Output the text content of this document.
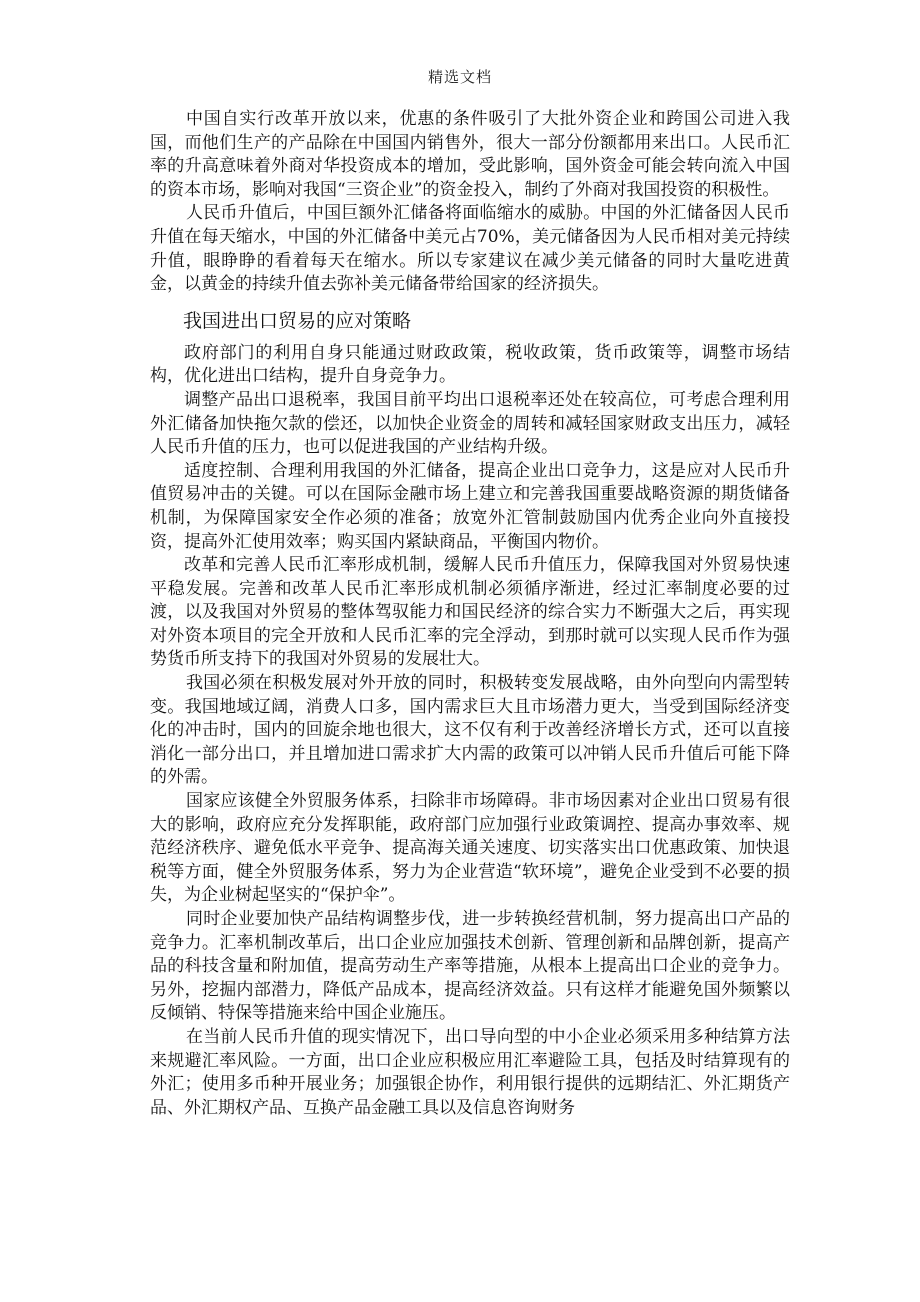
精选文档

中国自实行改革开放以来，优惠的条件吸引了大批外资企业和跨国公司进入我国，而他们生产的产品除在中国国内销售外，很大一部分份额都用来出口。人民币汇率的升高意味着外商对华投资成本的增加，受此影响，国外资金可能会转向流入中国的资本市场，影响对我国“三资企业”的资金投入，制约了外商对我国投资的积极性。

人民币升值后，中国巨额外汇储备将面临缩水的威胁。中国的外汇储备因人民币升值在每天缩水，中国的外汇储备中美元占70%，美元储备因为人民币相对美元持续升值，眼睁睁的看着每天在缩水。所以专家建议在减少美元储备的同时大量吃进黄金，以黄金的持续升值去弥补美元储备带给国家的经济损失。

我国进出口贸易的应对策略

政府部门的利用自身只能通过财政政策，税收政策，货币政策等，调整市场结构，优化进出口结构，提升自身竞争力。

调整产品出口退税率，我国目前平均出口退税率还处在较高位，可考虑合理利用外汇储备加快拖欠款的偿还，以加快企业资金的周转和减轻国家财政支出压力，减轻人民币升值的压力，也可以促进我国的产业结构升级。

适度控制、合理利用我国的外汇储备，提高企业出口竞争力，这是应对人民币升值贸易冲击的关键。可以在国际金融市场上建立和完善我国重要战略资源的期货储备机制，为保障国家安全作必须的准备；放宽外汇管制鼓励国内优秀企业向外直接投资，提高外汇使用效率；购买国内紧缺商品，平衡国内物价。

改革和完善人民币汇率形成机制，缓解人民币升值压力，保障我国对外贸易快速平稳发展。完善和改革人民币汇率形成机制必须循序渐进，经过汇率制度必要的过渡，以及我国对外贸易的整体驾驭能力和国民经济的综合实力不断强大之后，再实现对外资本项目的完全开放和人民币汇率的完全浮动，到那时就可以实现人民币作为强势货币所支持下的我国对外贸易的发展壮大。

我国必须在积极发展对外开放的同时，积极转变发展战略，由外向型向内需型转变。我国地域辽阔，消费人口多，国内需求巨大且市场潜力更大，当受到国际经济变化的冲击时，国内的回旋余地也很大，这不仅有利于改善经济增长方式，还可以直接消化一部分出口，并且增加进口需求扩大内需的政策可以冲销人民币升值后可能下降的外需。

国家应该健全外贸服务体系，扫除非市场障碍。非市场因素对企业出口贸易有很大的影响，政府应充分发挥职能，政府部门应加强行业政策调控、提高办事效率、规范经济秩序、避免低水平竞争、提高海关通关速度、切实落实出口优惠政策、加快退税等方面，健全外贸服务体系，努力为企业营造“软环境”，避免企业受到不必要的损失，为企业树起坚实的“保护伞”。

同时企业要加快产品结构调整步伐，进一步转换经营机制，努力提高出口产品的竞争力。汇率机制改革后，出口企业应加强技术创新、管理创新和品牌创新，提高产品的科技含量和附加值，提高劳动生产率等措施，从根本上提高出口企业的竞争力。另外，挖掘内部潜力，降低产品成本，提高经济效益。只有这样才能避免国外频繁以反倾销、特保等措施来给中国企业施压。

在当前人民币升值的现实情况下，出口导向型的中小企业必须采用多种结算方法来规避汇率风险。一方面，出口企业应积极应用汇率避险工具，包括及时结算现有的外汇；使用多币种开展业务；加强银企协作，利用银行提供的远期结汇、外汇期货产品、外汇期权产品、互换产品金融工具以及信息咨询财务
